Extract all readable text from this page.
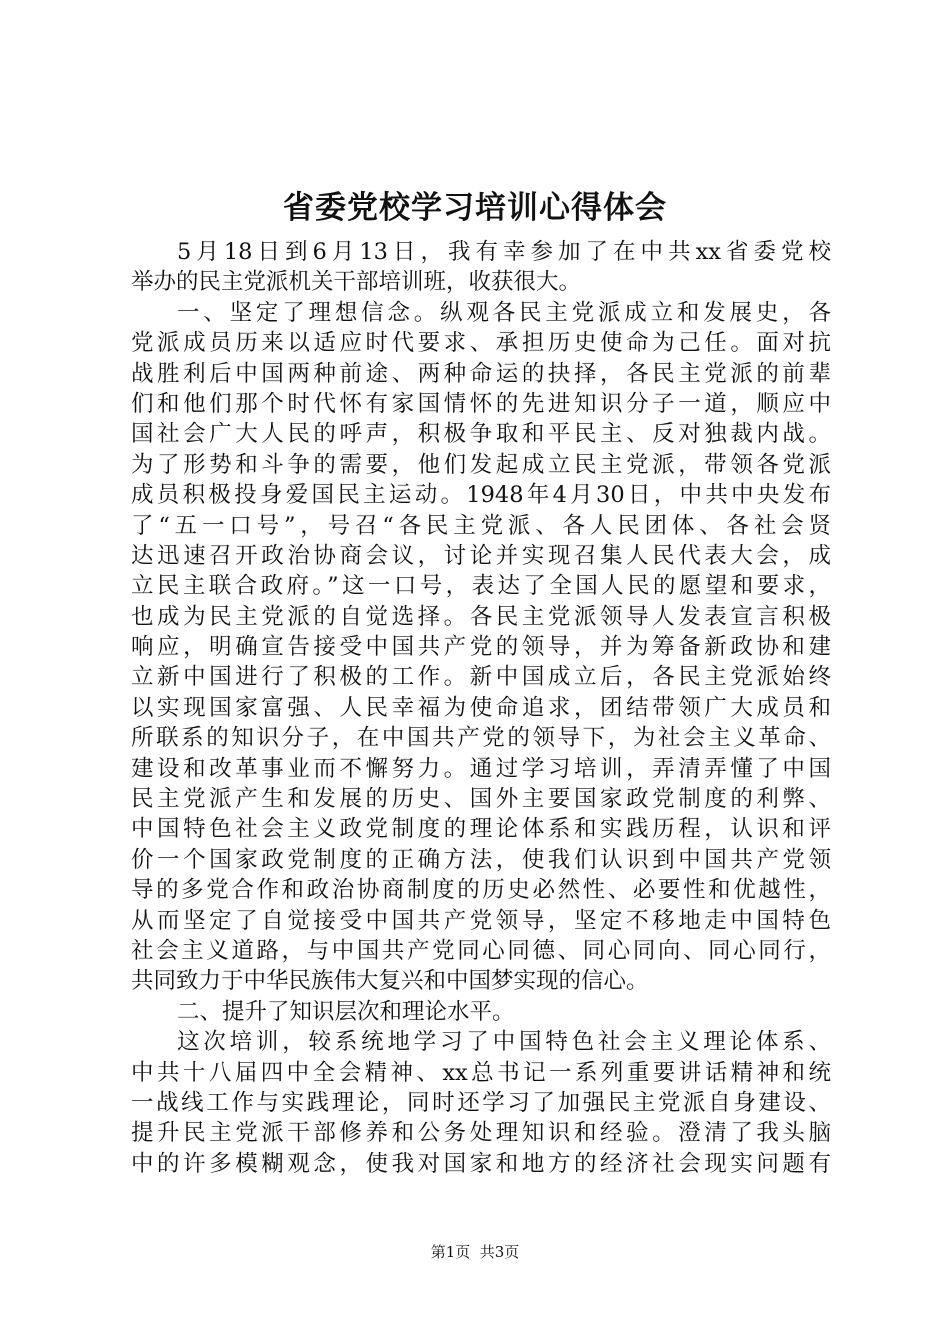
省委党校学习培训心得体会
5月18日到6月13日，我有幸参加了在中共xx省委党校
举办的民主党派机关干部培训班，收获很大。
一、坚定了理想信念。纵观各民主党派成立和发展史，各
党派成员历来以适应时代要求、承担历史使命为己任。面对抗
战胜利后中国两种前途、两种命运的抉择，各民主党派的前辈
们和他们那个时代怀有家国情怀的先进知识分子一道，顺应中
国社会广大人民的呼声，积极争取和平民主、反对独裁内战。
为了形势和斗争的需要，他们发起成立民主党派，带领各党派
成员积极投身爱国民主运动。1948年4月30日，中共中央发布
了“五一口号”，号召“各民主党派、各人民团体、各社会贤
达迅速召开政治协商会议，讨论并实现召集人民代表大会，成
立民主联合政府。”这一口号，表达了全国人民的愿望和要求，
也成为民主党派的自觉选择。各民主党派领导人发表宣言积极
响应，明确宣告接受中国共产党的领导，并为筹备新政协和建
立新中国进行了积极的工作。新中国成立后，各民主党派始终
以实现国家富强、人民幸福为使命追求，团结带领广大成员和
所联系的知识分子，在中国共产党的领导下，为社会主义革命、
建设和改革事业而不懈努力。通过学习培训，弄清弄懂了中国
民主党派产生和发展的历史、国外主要国家政党制度的利弊、
中国特色社会主义政党制度的理论体系和实践历程，认识和评
价一个国家政党制度的正确方法，使我们认识到中国共产党领
导的多党合作和政治协商制度的历史必然性、必要性和优越性，
从而坚定了自觉接受中国共产党领导，坚定不移地走中国特色
社会主义道路，与中国共产党同心同德、同心同向、同心同行，
共同致力于中华民族伟大复兴和中国梦实现的信心。
二、提升了知识层次和理论水平。
这次培训，较系统地学习了中国特色社会主义理论体系、
中共十八届四中全会精神、xx总书记一系列重要讲话精神和统
一战线工作与实践理论，同时还学习了加强民主党派自身建设、
提升民主党派干部修养和公务处理知识和经验。澄清了我头脑
中的许多模糊观念，使我对国家和地方的经济社会现实问题有
第1页  共3页
